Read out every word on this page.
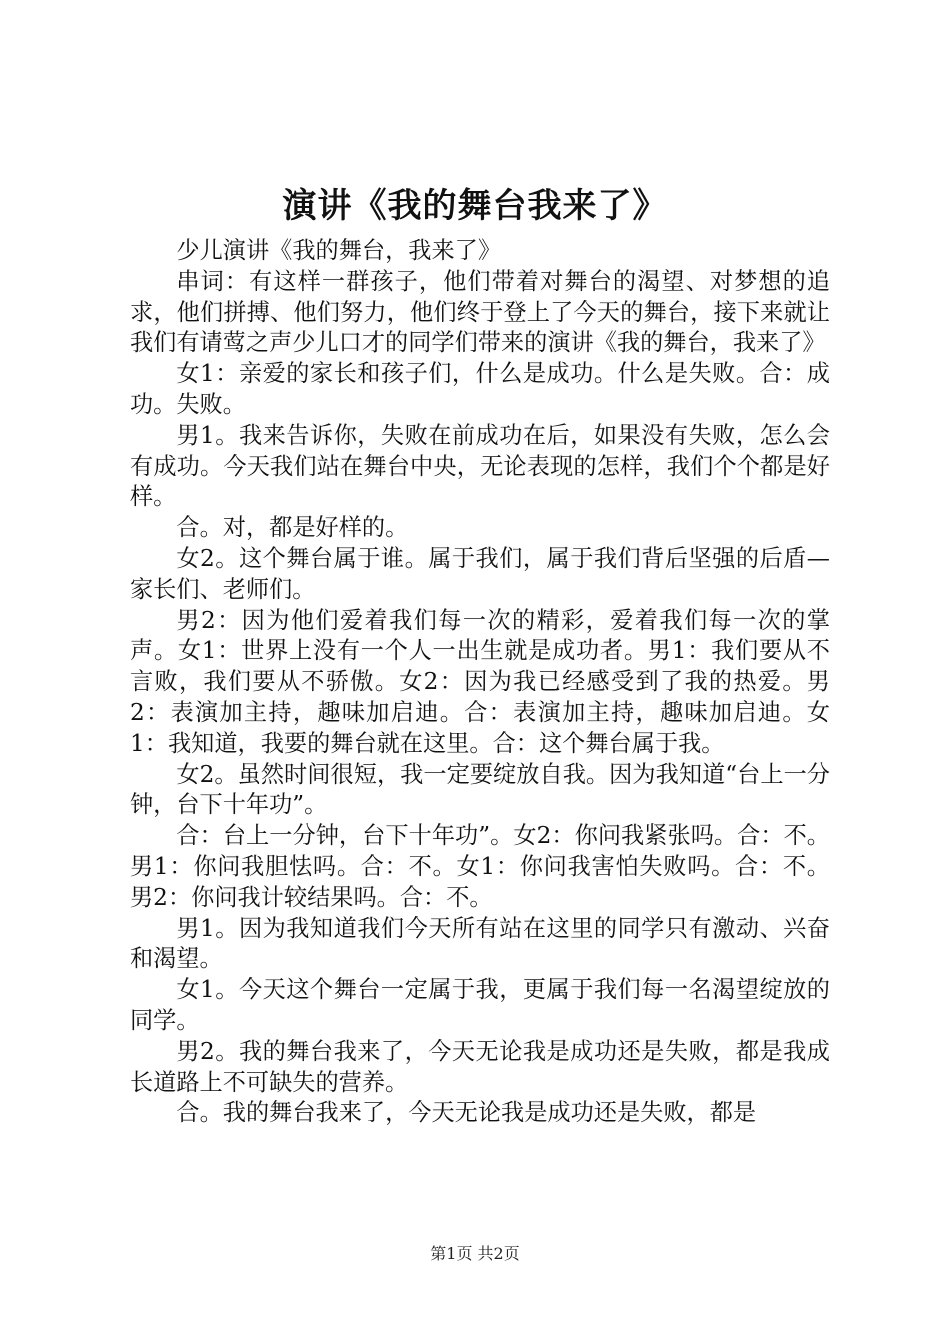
演讲《我的舞台我来了》

少儿演讲《我的舞台，我来了》

串词：有这样一群孩子，他们带着对舞台的渴望、对梦想的追求，他们拼搏、他们努力，他们终于登上了今天的舞台，接下来就让我们有请莺之声少儿口才的同学们带来的演讲《我的舞台，我来了》

女1：亲爱的家长和孩子们，什么是成功。什么是失败。合：成功。失败。

男1。我来告诉你，失败在前成功在后，如果没有失败，怎么会有成功。今天我们站在舞台中央，无论表现的怎样，我们个个都是好样。

合。对，都是好样的。

女2。这个舞台属于谁。属于我们，属于我们背后坚强的后盾—家长们、老师们。

男2：因为他们爱着我们每一次的精彩，爱着我们每一次的掌声。女1：世界上没有一个人一出生就是成功者。男1：我们要从不言败，我们要从不骄傲。女2：因为我已经感受到了我的热爱。男2：表演加主持，趣味加启迪。合：表演加主持，趣味加启迪。女1：我知道，我要的舞台就在这里。合：这个舞台属于我。

女2。虽然时间很短，我一定要绽放自我。因为我知道“台上一分钟，台下十年功”。

合：台上一分钟，台下十年功”。女2：你问我紧张吗。合：不。男1：你问我胆怯吗。合：不。女1：你问我害怕失败吗。合：不。男2：你问我计较结果吗。合：不。

男1。因为我知道我们今天所有站在这里的同学只有激动、兴奋和渴望。

女1。今天这个舞台一定属于我，更属于我们每一名渴望绽放的同学。

男2。我的舞台我来了，今天无论我是成功还是失败，都是我成长道路上不可缺失的营养。

合。我的舞台我来了，今天无论我是成功还是失败，都是

第1页 共2页
